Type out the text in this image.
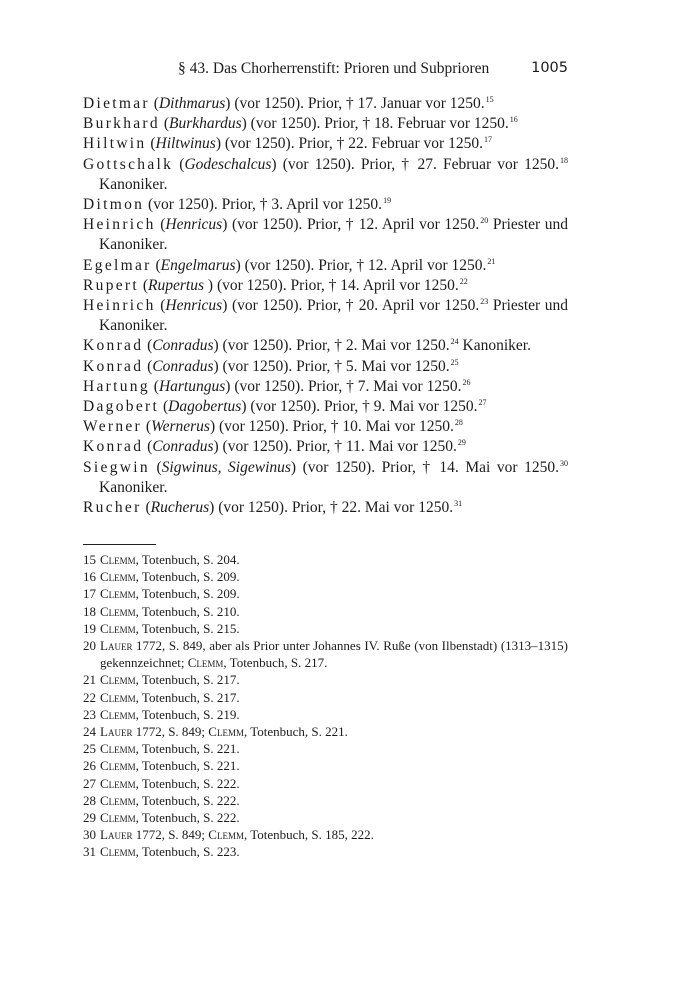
§ 43. Das Chorherrenstift: Prioren und Subprioren	1005
Dietmar (Dithmarus) (vor 1250). Prior, † 17. Januar vor 1250.15
Burkhard (Burkhardus) (vor 1250). Prior, † 18. Februar vor 1250.16
Hiltwin (Hiltwinus) (vor 1250). Prior, † 22. Februar vor 1250.17
Gottschalk (Godeschalcus) (vor 1250). Prior, † 27. Februar vor 1250.18 Kanoniker.
Ditmon (vor 1250). Prior, † 3. April vor 1250.19
Heinrich (Henricus) (vor 1250). Prior, † 12. April vor 1250.20 Priester und Kanoniker.
Egelmar (Engelmarus) (vor 1250). Prior, † 12. April vor 1250.21
Rupert (Rupertus ) (vor 1250). Prior, † 14. April vor 1250.22
Heinrich (Henricus) (vor 1250). Prior, † 20. April vor 1250.23 Priester und Kanoniker.
Konrad (Conradus) (vor 1250). Prior, † 2. Mai vor 1250.24 Kanoniker.
Konrad (Conradus) (vor 1250). Prior, † 5. Mai vor 1250.25
Hartung (Hartungus) (vor 1250). Prior, † 7. Mai vor 1250.26
Dagobert (Dagobertus) (vor 1250). Prior, † 9. Mai vor 1250.27
Werner (Wernerus) (vor 1250). Prior, † 10. Mai vor 1250.28
Konrad (Conradus) (vor 1250). Prior, † 11. Mai vor 1250.29
Siegwin (Sigwinus, Sigewinus) (vor 1250). Prior, † 14. Mai vor 1250.30 Kanoniker.
Rucher (Rucherus) (vor 1250). Prior, † 22. Mai vor 1250.31
15 Clemm, Totenbuch, S. 204.
16 Clemm, Totenbuch, S. 209.
17 Clemm, Totenbuch, S. 209.
18 Clemm, Totenbuch, S. 210.
19 Clemm, Totenbuch, S. 215.
20 Lauer 1772, S. 849, aber als Prior unter Johannes IV. Ruße (von Ilbenstadt) (1313–1315) gekennzeichnet; Clemm, Totenbuch, S. 217.
21 Clemm, Totenbuch, S. 217.
22 Clemm, Totenbuch, S. 217.
23 Clemm, Totenbuch, S. 219.
24 Lauer 1772, S. 849; Clemm, Totenbuch, S. 221.
25 Clemm, Totenbuch, S. 221.
26 Clemm, Totenbuch, S. 221.
27 Clemm, Totenbuch, S. 222.
28 Clemm, Totenbuch, S. 222.
29 Clemm, Totenbuch, S. 222.
30 Lauer 1772, S. 849; Clemm, Totenbuch, S. 185, 222.
31 Clemm, Totenbuch, S. 223.
